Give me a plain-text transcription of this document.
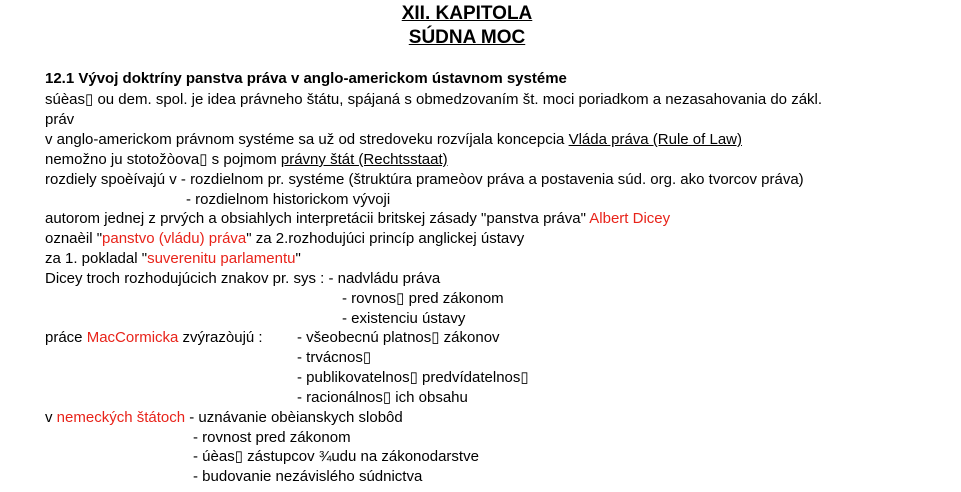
XII. KAPITOLA
SÚDNA MOC
12.1 Vývoj doktríny panstva práva v anglo-americkom ústavnom systéme
súèas▯ ou dem. spol. je idea právneho štátu, spájaná s obmedzovaním št. moci poriadkom a nezasahovania do zákl.
práv
v anglo-americkom právnom systéme sa už od stredoveku rozvíjala koncepcia Vláda práva (Rule of Law)
nemožno ju stotožòova▯ s pojmom právny štát (Rechtsstaat)
rozdiely spoèívajú v - rozdielnom pr. systéme (štruktúra prameòov práva a postavenia súd. org. ako tvorcov práva)
- rozdielnom historickom vývoji
autorom jednej z prvých a obsiahlych interpretácii britskej zásady "panstva práva" Albert Dicey
oznaèil "panstvo (vládu) práva" za 2.rozhodujúci princíp anglickej ústavy
za 1. pokladal "suverenitu parlamentu"
Dicey troch rozhodujúcich znakov pr. sys : - nadvládu práva
- rovnos▯ pred zákonom
- existenciu ústavy
práce MacCormicka zvýrazòujú : - všeobecnú platnos▯ zákonov
- trvácnos▯
- publikovatelnos▯ predvídatelnos▯
- racionálnos▯ ich obsahu
v nemeckých štátoch - uznávanie obèianskych slobôd
- rovnost pred zákonom
- úèas▯ zástupcov ¾udu na zákonodarstve
- budovanie nezávislého súdnictva
